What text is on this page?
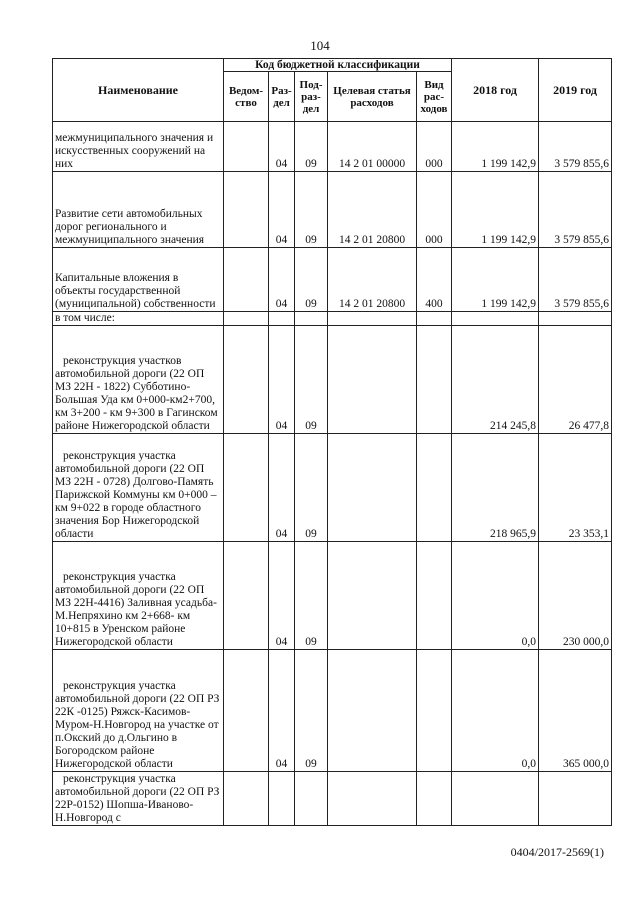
104
Наименование	Код бюджетной классификации					2018 год	2019 год
	Ведом-ство	Раз-дел	Под-раз-дел	Целевая статья расходов	Вид рас-ходов		
межмуниципального значения и искусственных сооружений на них		04	09	14 2 01 00000	000	1 199 142,9	3 579 855,6
Развитие сети автомобильных дорог регионального и межмуниципального значения		04	09	14 2 01 20800	000	1 199 142,9	3 579 855,6
Капитальные вложения в объекты государственной (муниципальной) собственности		04	09	14 2 01 20800	400	1 199 142,9	3 579 855,6
в том числе:							
реконструкция участков автомобильной дороги (22 ОП МЗ 22Н - 1822) Субботино-Большая Уда км 0+000-км2+700, км 3+200 - км 9+300 в Гагинском районе Нижегородской области		04	09			214 245,8	26 477,8
реконструкция участка автомобильной дороги (22 ОП МЗ 22Н - 0728) Долгово-Память Парижской Коммуны км 0+000 – км 9+022 в городе областного значения Бор Нижегородской области		04	09			218 965,9	23 353,1
реконструкция участка автомобильной дороги (22 ОП МЗ 22Н-4416) Заливная усадьба-М.Непряхино км 2+668- км 10+815 в Уренском районе Нижегородской области		04	09			0,0	230 000,0
реконструкция участка автомобильной дороги (22 ОП РЗ 22К -0125) Ряжск-Касимов-Муром-Н.Новгород на участке от п.Окский до д.Ольгино в Богородском районе Нижегородской области		04	09			0,0	365 000,0
реконструкция участка автомобильной дороги (22 ОП РЗ 22Р-0152) Шопша-Иваново-Н.Новгород с							
0404/2017-2569(1)
